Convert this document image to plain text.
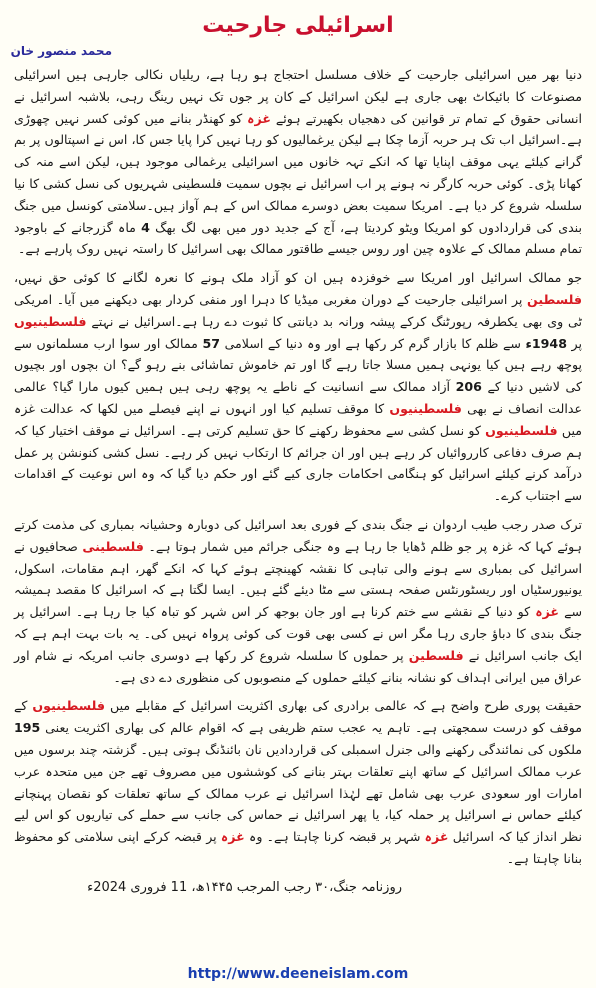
اسرائیلی جارحیت
محمد منصور خان

دنیا بھر میں اسرائیلی جارحیت کے خلاف مسلسل احتجاج ہو رہا ہے، ریلیاں نکالی جارہی ہیں اسرائیلی مصنوعات کا بائیکاٹ بھی جاری ہے لیکن اسرائیل کے کان پر جوں تک نہیں رینگ رہی، بلاشبہ اسرائیل نے انسانی حقوق کے تمام تر قوانین کی دھجیاں بکھیرتے ہوئے غزہ کو کھنڈر بنانے میں کوئی کسر نہیں چھوڑی ہے۔اسرائیل اب تک ہر حربہ آزما چکا ہے لیکن یرغمالیوں کو رہا نہیں کرا پایا جس کا، اس نے اسپتالوں پر بم گرانے کیلئے یہی موقف اپنایا تھا کہ انکے تہہ خانوں میں اسرائیلی یرغمالی موجود ہیں، لیکن اسے منہ کی کھانا پڑی۔ کوئی حربہ کارگر نہ ہونے پر اب اسرائیل نے بچوں سمیت فلسطینی شہریوں کی نسل کشی کا نیا سلسلہ شروع کر دیا ہے۔ امریکا سمیت بعض دوسرے ممالک اس کے ہم آواز ہیں۔سلامتی کونسل میں جنگ بندی کی قراردادوں کو امریکا ویٹو کردیتا ہے، آج کے جدید دور میں بھی لگ بھگ 4 ماہ گزرجانے کے باوجود تمام مسلم ممالک کے علاوہ چین اور روس جیسے طاقتور ممالک بھی اسرائیل کا راستہ نہیں روک پارہے ہے۔

جو ممالک اسرائیل اور امریکا سے خوفزدہ ہیں ان کو آزاد ملک ہونے کا نعرہ لگانے کا کوئی حق نہیں، فلسطین پر اسرائیلی جارحیت کے دوران مغربی میڈیا کا دہرا اور منفی کردار بھی دیکھنے میں آیا۔ امریکی ٹی وی بھی یکطرفہ رپورٹنگ کرکے پیشہ ورانہ بد دیانتی کا ثبوت دے رہا ہے۔اسرائیل نے نہتے فلسطینیوں پر 1948ء سے ظلم کا بازار گرم کر رکھا ہے اور وہ دنیا کے اسلامی 57 ممالک اور سوا ارب مسلمانوں سے پوچھ رہے ہیں کیا یونہی ہمیں مسلا جاتا رہے گا اور تم خاموش تماشائی بنے رہو گے؟ ان بچوں اور بچیوں کی لاشیں دنیا کے 206 آزاد ممالک سے انسانیت کے ناطے یہ پوچھ رہی ہیں ہمیں کیوں مارا گیا؟ عالمی عدالت انصاف نے بھی فلسطینیوں کا موقف تسلیم کیا اور انہوں نے اپنے فیصلے میں لکھا کہ عدالت غزہ میں فلسطینیوں کو نسل کشی سے محفوظ رکھنے کا حق تسلیم کرتی ہے۔ اسرائیل نے موقف اختیار کیا کہ ہم صرف دفاعی کارروائیاں کر رہے ہیں اور ان جرائم کا ارتکاب نہیں کر رہے۔ نسل کشی کنونشن پر عمل درآمد کرنے کیلئے اسرائیل کو ہنگامی احکامات جاری کیے گئے اور حکم دیا گیا کہ وہ اس نوعیت کے اقدامات سے اجتناب کرے۔

ترک صدر رجب طیب اردوان نے جنگ بندی کے فوری بعد اسرائیل کی دوبارہ وحشیانہ بمباری کی مذمت کرتے ہوئے کہا کہ غزہ پر جو ظلم ڈھایا جا رہا ہے وہ جنگی جرائم میں شمار ہوتا ہے۔ فلسطینی صحافیوں نے اسرائیل کی بمباری سے ہونے والی تباہی کا نقشہ کھینچتے ہوئے کہا کہ انکے گھر، اہم مقامات، اسکول، یونیورسٹیاں اور ریسٹورنٹس صفحہ ہستی سے مٹا دیئے گئے ہیں۔ ایسا لگتا ہے کہ اسرائیل کا مقصد ہمیشہ سے غزہ کو دنیا کے نقشے سے ختم کرنا ہے اور جان بوجھ کر اس شہر کو تباہ کیا جا رہا ہے۔ اسرائیل پر جنگ بندی کا دباؤ جاری رہا مگر اس نے کسی بھی قوت کی کوئی پرواہ نہیں کی۔ یہ بات بہت اہم ہے کہ ایک جانب اسرائیل نے فلسطین پر حملوں کا سلسلہ شروع کر رکھا ہے دوسری جانب امریکہ نے شام اور عراق میں ایرانی اہداف کو نشانہ بنانے کیلئے حملوں کے منصوبوں کی منظوری دے دی ہے۔

حقیقت پوری طرح واضح ہے کہ عالمی برادری کی بھاری اکثریت اسرائیل کے مقابلے میں فلسطینیوں کے موقف کو درست سمجھتی ہے۔ تاہم یہ عجب ستم ظریفی ہے کہ اقوام عالم کی بھاری اکثریت یعنی 195 ملکوں کی نمائندگی رکھنے والی جنرل اسمبلی کی قراردادیں نان بائنڈنگ ہوتی ہیں۔ گزشتہ چند برسوں میں عرب ممالک اسرائیل کے ساتھ اپنے تعلقات بہتر بنانے کی کوششوں میں مصروف تھے جن میں متحدہ عرب امارات اور سعودی عرب بھی شامل تھے لہٰذا اسرائیل نے عرب ممالک کے ساتھ تعلقات کو نقصان پہنچانے کیلئے حماس نے اسرائیل پر حملہ کیا، یا پھر اسرائیل نے حماس کی جانب سے حملے کی تیاریوں کو اس لیے نظر انداز کیا کہ اسرائیل غزہ شہر پر قبضہ کرنا چاہتا ہے۔ وہ غزہ پر قبضہ کرکے اپنی سلامتی کو محفوظ بنانا چاہتا ہے۔

روزنامہ جنگ،۳۰ رجب المرجب ۱۴۴۵ھ، 11 فروری 2024ء
http://www.deeneislam.com
